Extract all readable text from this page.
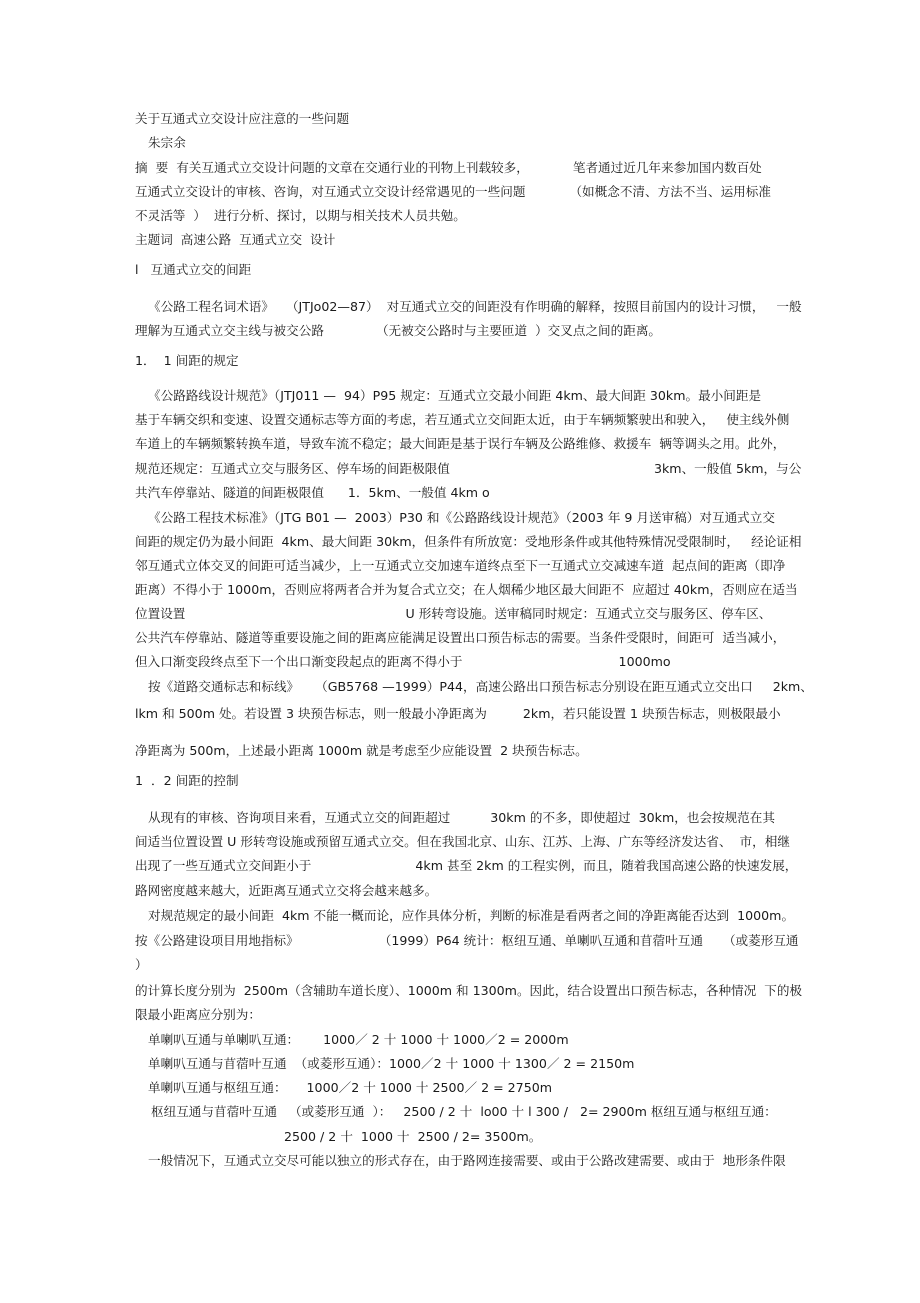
关于互通式立交设计应注意的一些问题
朱宗余
摘  要  有关互通式立交设计问题的文章在交通行业的刊物上刊载较多，           笔者通过近几年来参加国内数百处
互通式立交设计的审核、咨询，对互通式立交设计经常遇见的一些问题           （如概念不清、方法不当、运用标准
不灵活等  ）  进行分析、探讨，以期与相关技术人员共勉。
主题词  高速公路  互通式立交  设计
l   互通式立交的间距
《公路工程名词术语》   （JTJo02—87）  对互通式立交的间距没有作明确的解释，按照目前国内的设计习惯，   一般
理解为互通式立交主线与被交公路             （无被交公路时与主要匝道  ）交叉点之间的距离。
1．  1 间距的规定
《公路路线设计规范》（JTJ011 —  94）P95 规定：互通式立交最小间距 4km、最大间距 30km。最小间距是
基于车辆交织和变速、设置交通标志等方面的考虑，若互通式立交间距太近，由于车辆频繁驶出和驶入，   使主线外侧
车道上的车辆频繁转换车道，导致车流不稳定；最大间距是基于误行车辆及公路维修、救援车  辆等调头之用。此外，
规范还规定：互通式立交与服务区、停车场的间距极限值                                                   3km、一般值 5km，与公
共汽车停靠站、隧道的间距极限值      1．5km、一般值 4km o
《公路工程技术标准》（JTG B01 —  2003）P30 和《公路路线设计规范》（2003 年 9 月送审稿）对互通式立交
间距的规定仍为最小间距  4km、最大间距 30km，但条件有所放宽：受地形条件或其他特殊情况受限制时，   经论证相
邻互通式立体交叉的间距可适当减少，上一互通式立交加速车道终点至下一互通式立交减速车道  起点间的距离（即净
距离）不得小于 1000m，否则应将两者合并为复合式立交；在人烟稀少地区最大间距不  应超过 40km，否则应在适当
位置设置                                                       U 形转弯设施。送审稿同时规定：互通式立交与服务区、停车区、
公共汽车停靠站、隧道等重要设施之间的距离应能满足设置出口预告标志的需要。当条件受限时，间距可  适当减小，
但入口渐变段终点至下一个出口渐变段起点的距离不得小于                                       1000mo
按《道路交通标志和标线》    （GB5768 —1999）P44，高速公路出口预告标志分别设在距互通式立交出口     2km、
lkm 和 500m 处。若设置 3 块预告标志，则一般最小净距离为         2km，若只能设置 1 块预告标志，则极限最小
净距离为 500m，上述最小距离 1000m 就是考虑至少应能设置  2 块预告标志。
1  ．2 间距的控制
从现有的审核、咨询项目来看，互通式立交的间距超过          30km 的不多，即使超过  30km，也会按规范在其
间适当位置设置 U 形转弯设施或预留互通式立交。但在我国北京、山东、江苏、上海、广东等经济发达省、  市，相继
出现了一些互通式立交间距小于                          4km 甚至 2km 的工程实例，而且，随着我国高速公路的快速发展，
路网密度越来越大，近距离互通式立交将会越来越多。
对规范规定的最小间距  4km 不能一概而论，应作具体分析，判断的标准是看两者之间的净距离能否达到  1000m。
按《公路建设项目用地指标》                    （1999）P64 统计：枢纽互通、单喇叭互通和苜蓿叶互通     （或菱形互通
）
的计算长度分别为  2500m（含辅助车道长度）、1000m 和 1300m。因此，结合设置出口预告标志，各种情况  下的极
限最小距离应分别为：
单喇叭互通与单喇叭互通：      1000／ 2 十 1000 十 1000／2 = 2000m
单喇叭互通与苜蓿叶互通  （或菱形互通）：1000／2 十 1000 十 1300／ 2 = 2150m
单喇叭互通与枢纽互通：     1000／2 十 1000 十 2500／ 2 = 2750m
枢纽互通与苜蓿叶互通   （或菱形互通  ）：   2500 / 2 十  lo00 十 l 300 /   2= 2900m 枢纽互通与枢纽互通：
2500 / 2 十  1000 十  2500 / 2= 3500m。
一般情况下，互通式立交尽可能以独立的形式存在，由于路网连接需要、或由于公路改建需要、或由于  地形条件限
